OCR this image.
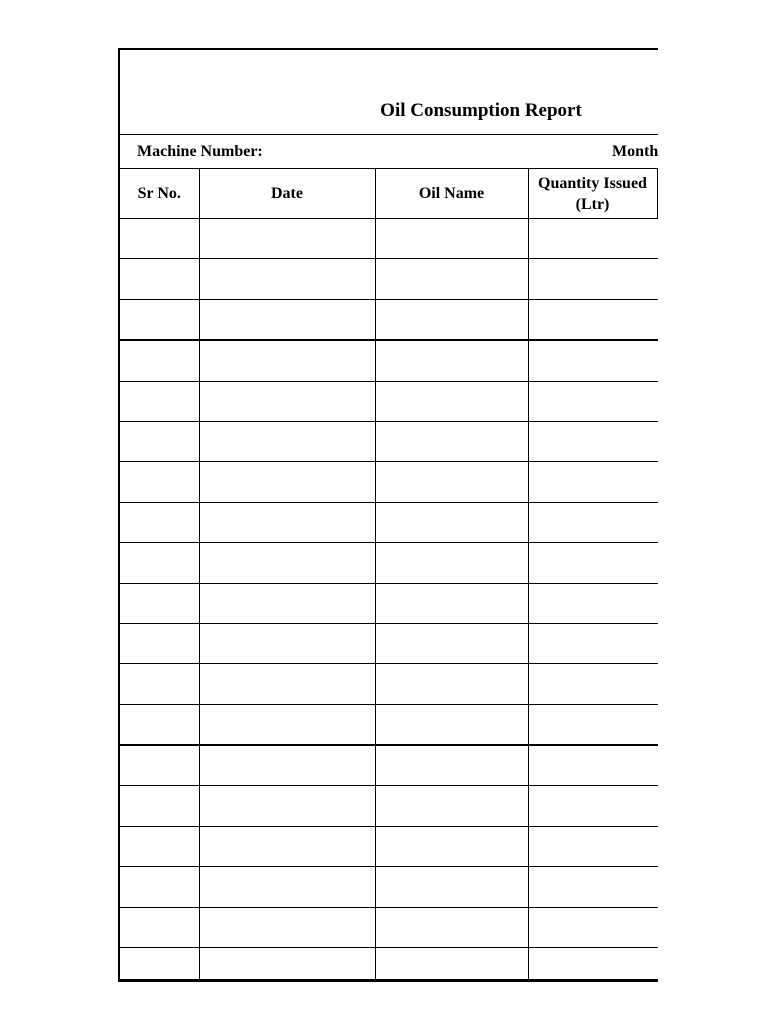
Oil Consumption Report
Machine Number:	Month
Sr No.	Date	Oil Name	Quantity Issued
(Ltr)	
